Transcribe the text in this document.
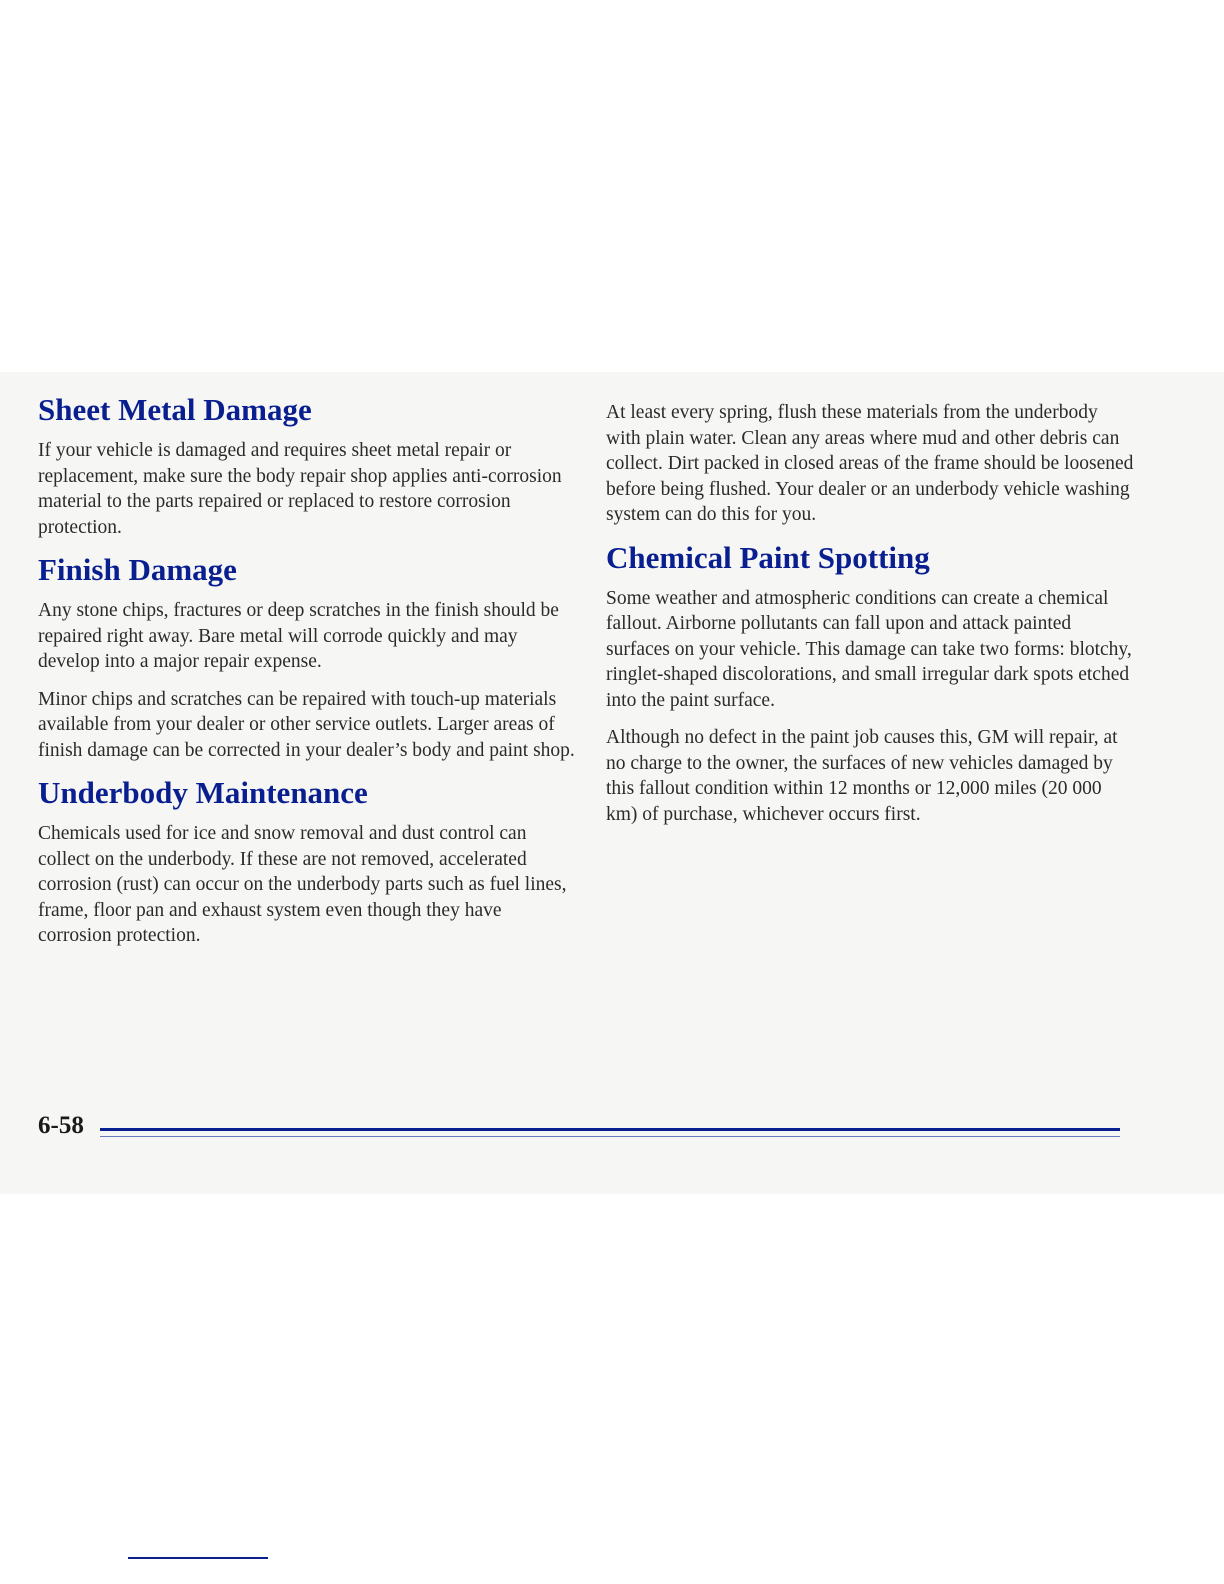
Sheet Metal Damage

If your vehicle is damaged and requires sheet metal repair or replacement, make sure the body repair shop applies anti-corrosion material to the parts repaired or replaced to restore corrosion protection.

Finish Damage

Any stone chips, fractures or deep scratches in the finish should be repaired right away. Bare metal will corrode quickly and may develop into a major repair expense.

Minor chips and scratches can be repaired with touch-up materials available from your dealer or other service outlets. Larger areas of finish damage can be corrected in your dealer’s body and paint shop.

Underbody Maintenance

Chemicals used for ice and snow removal and dust control can collect on the underbody. If these are not removed, accelerated corrosion (rust) can occur on the underbody parts such as fuel lines, frame, floor pan and exhaust system even though they have corrosion protection.

At least every spring, flush these materials from the underbody with plain water. Clean any areas where mud and other debris can collect. Dirt packed in closed areas of the frame should be loosened before being flushed. Your dealer or an underbody vehicle washing system can do this for you.

Chemical Paint Spotting

Some weather and atmospheric conditions can create a chemical fallout. Airborne pollutants can fall upon and attack painted surfaces on your vehicle. This damage can take two forms: blotchy, ringlet-shaped discolorations, and small irregular dark spots etched into the paint surface.

Although no defect in the paint job causes this, GM will repair, at no charge to the owner, the surfaces of new vehicles damaged by this fallout condition within 12 months or 12,000 miles (20 000 km) of purchase, whichever occurs first.

6-58
